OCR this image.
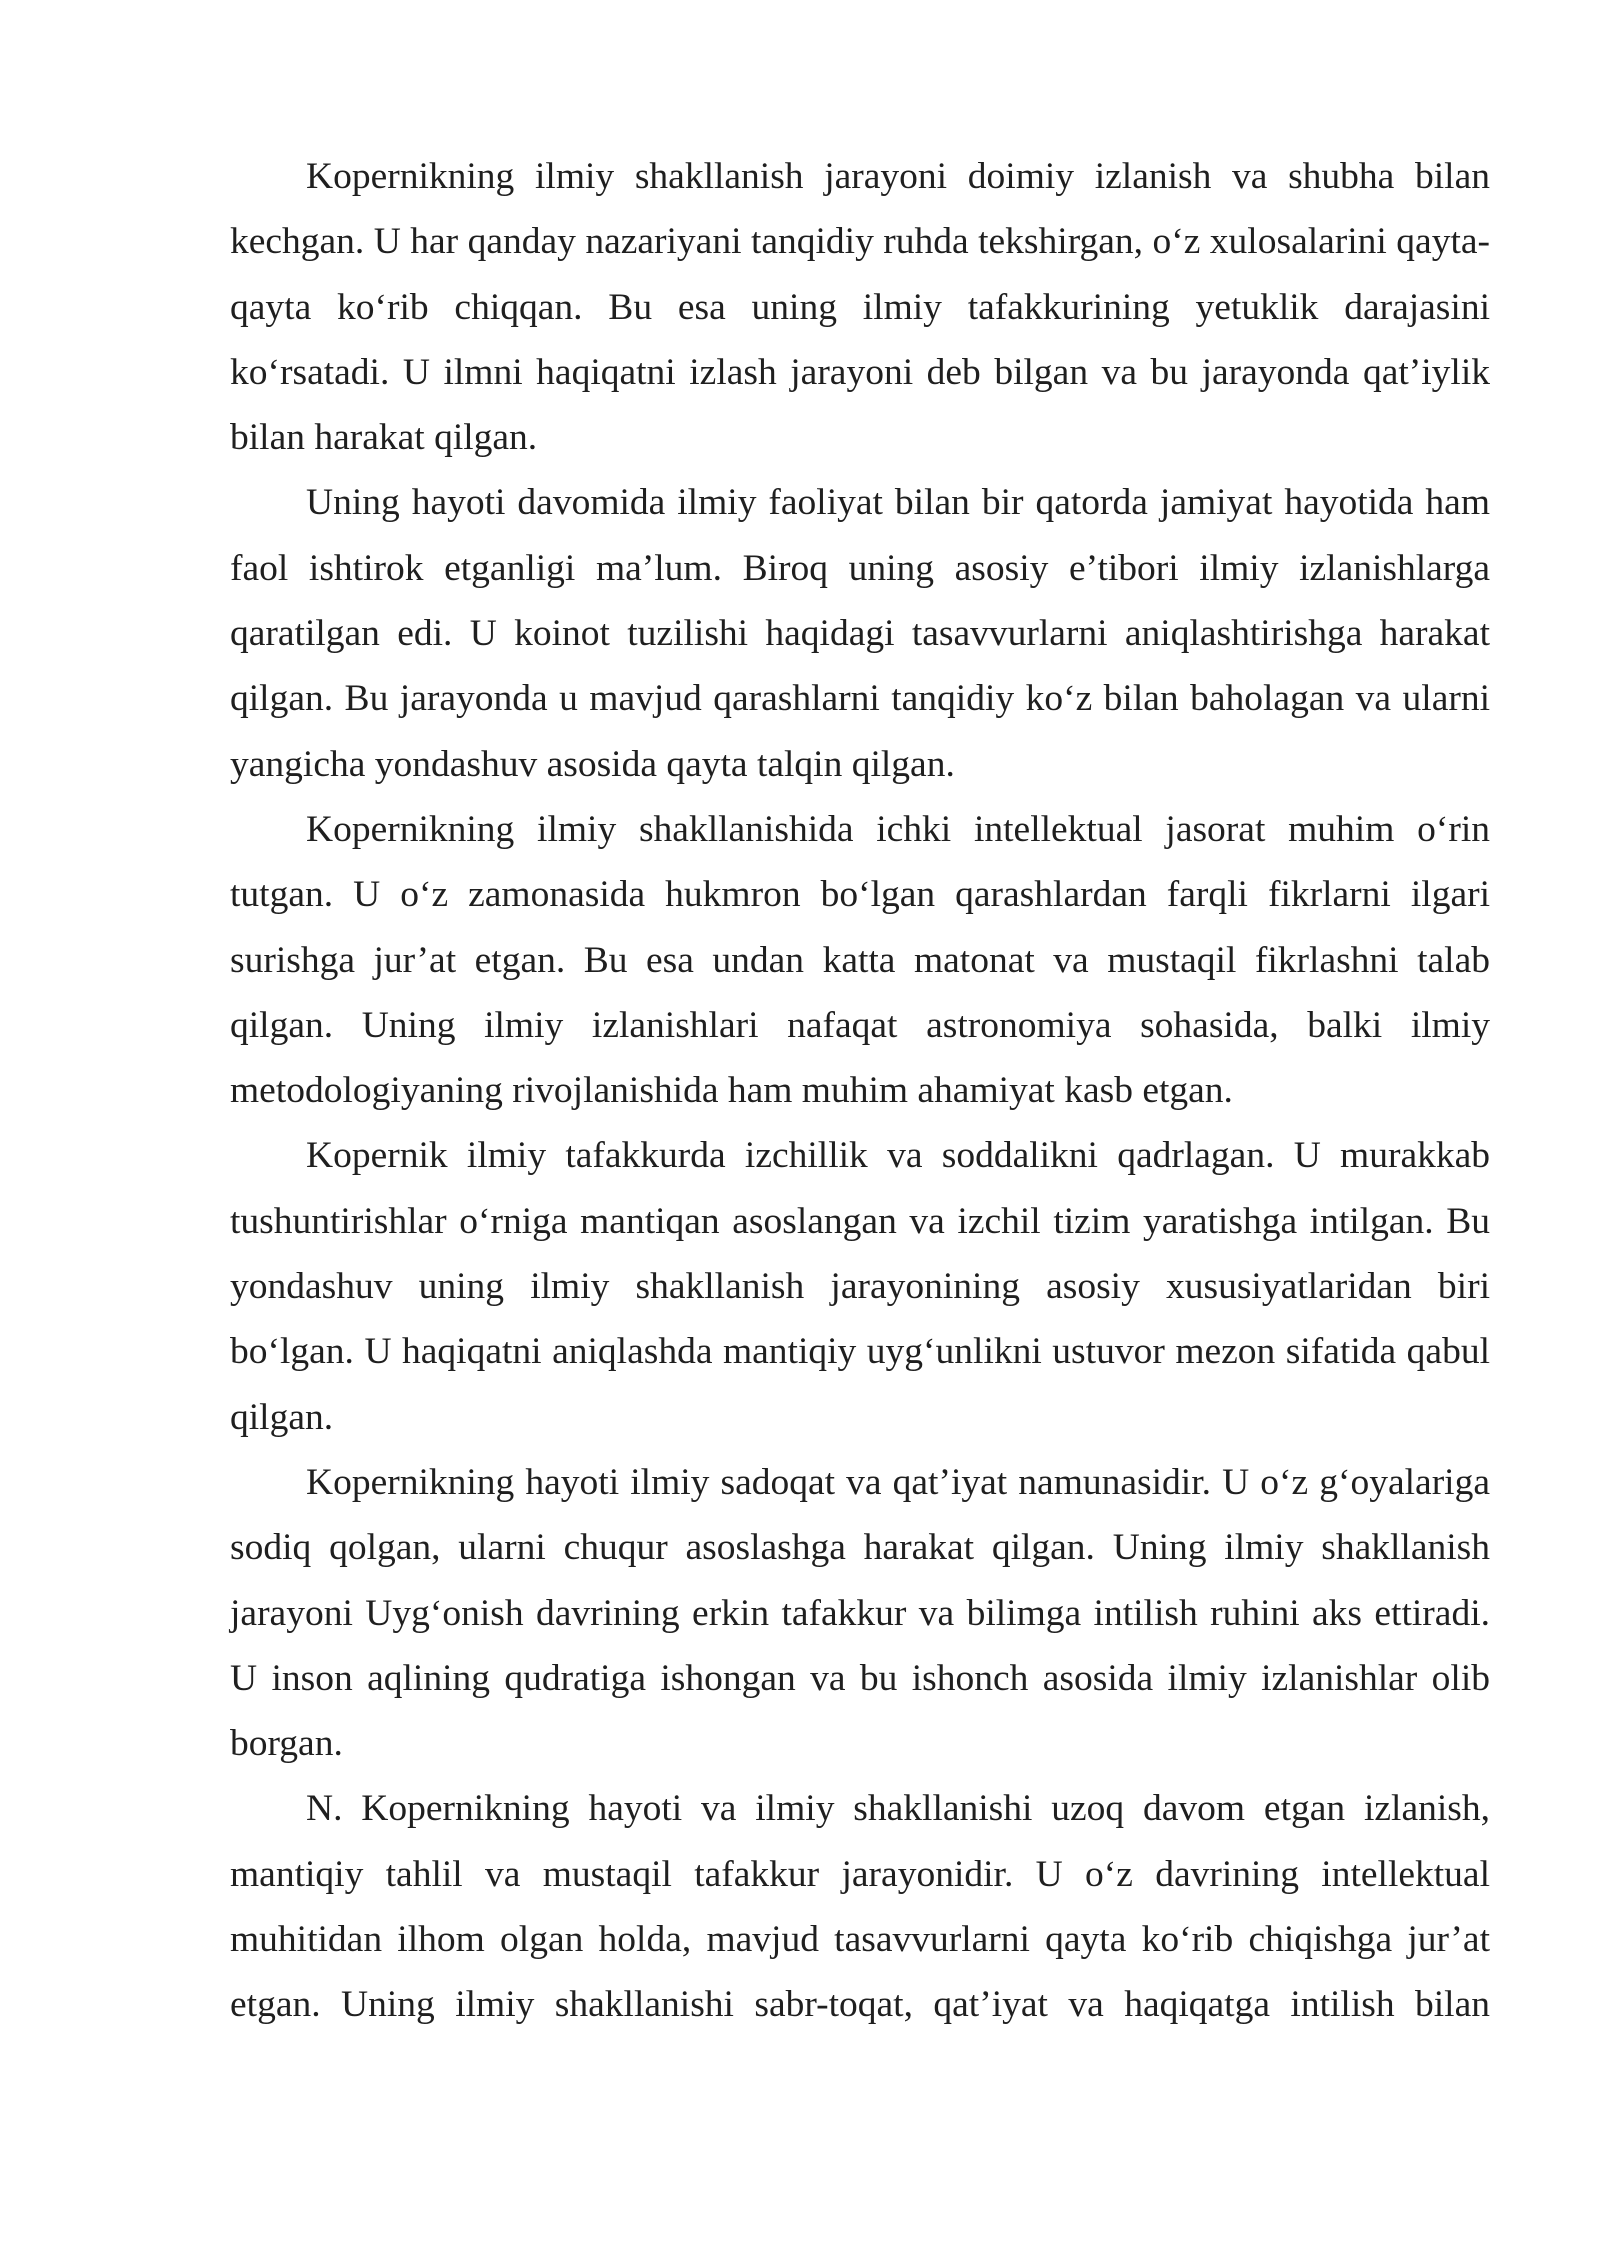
Kopernikning ilmiy shakllanish jarayoni doimiy izlanish va shubha bilan kechgan. U har qanday nazariyani tanqidiy ruhda tekshirgan, o‘z xulosalarini qayta-qayta ko‘rib chiqqan. Bu esa uning ilmiy tafakkurining yetuklik darajasini ko‘rsatadi. U ilmni haqiqatni izlash jarayoni deb bilgan va bu jarayonda qat’iylik bilan harakat qilgan.

Uning hayoti davomida ilmiy faoliyat bilan bir qatorda jamiyat hayotida ham faol ishtirok etganligi ma’lum. Biroq uning asosiy e’tibori ilmiy izlanishlarga qaratilgan edi. U koinot tuzilishi haqidagi tasavvurlarni aniqlashtirishga harakat qilgan. Bu jarayonda u mavjud qarashlarni tanqidiy ko‘z bilan baholagan va ularni yangicha yondashuv asosida qayta talqin qilgan.

Kopernikning ilmiy shakllanishida ichki intellektual jasorat muhim o‘rin tutgan. U o‘z zamonasida hukmron bo‘lgan qarashlardan farqli fikrlarni ilgari surishga jur’at etgan. Bu esa undan katta matonat va mustaqil fikrlashni talab qilgan. Uning ilmiy izlanishlari nafaqat astronomiya sohasida, balki ilmiy metodologiyaning rivojlanishida ham muhim ahamiyat kasb etgan.

Kopernik ilmiy tafakkurda izchillik va soddalikni qadrlagan. U murakkab tushuntirishlar o‘rniga mantiqan asoslangan va izchil tizim yaratishga intilgan. Bu yondashuv uning ilmiy shakllanish jarayonining asosiy xususiyatlaridan biri bo‘lgan. U haqiqatni aniqlashda mantiqiy uyg‘unlikni ustuvor mezon sifatida qabul qilgan.

Kopernikning hayoti ilmiy sadoqat va qat’iyat namunasidir. U o‘z g‘oyalariga sodiq qolgan, ularni chuqur asoslashga harakat qilgan. Uning ilmiy shakllanish jarayoni Uyg‘onish davrining erkin tafakkur va bilimga intilish ruhini aks ettiradi. U inson aqlining qudratiga ishongan va bu ishonch asosida ilmiy izlanishlar olib borgan.

N. Kopernikning hayoti va ilmiy shakllanishi uzoq davom etgan izlanish, mantiqiy tahlil va mustaqil tafakkur jarayonidir. U o‘z davrining intellektual muhitidan ilhom olgan holda, mavjud tasavvurlarni qayta ko‘rib chiqishga jur’at etgan. Uning ilmiy shakllanishi sabr-toqat, qat’iyat va haqiqatga intilish bilan
